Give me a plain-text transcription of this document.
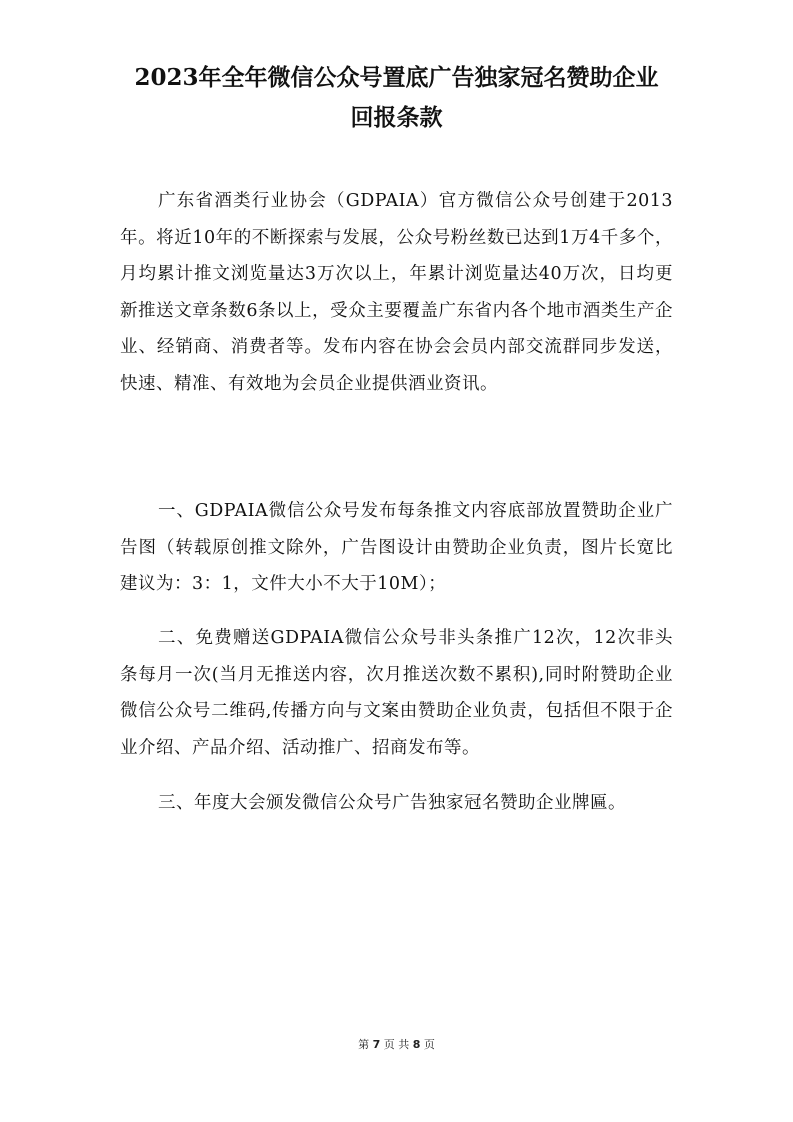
2023年全年微信公众号置底广告独家冠名赞助企业
回报条款

广东省酒类行业协会（GDPAIA）官方微信公众号创建于2013年。将近10年的不断探索与发展，公众号粉丝数已达到1万4千多个，月均累计推文浏览量达3万次以上，年累计浏览量达40万次，日均更新推送文章条数6条以上，受众主要覆盖广东省内各个地市酒类生产企业、经销商、消费者等。发布内容在协会会员内部交流群同步发送，快速、精准、有效地为会员企业提供酒业资讯。

一、GDPAIA微信公众号发布每条推文内容底部放置赞助企业广告图（转载原创推文除外，广告图设计由赞助企业负责，图片长宽比建议为：3：1，文件大小不大于10M）；

二、免费赠送GDPAIA微信公众号非头条推广12次，12次非头条每月一次(当月无推送内容，次月推送次数不累积),同时附赞助企业微信公众号二维码,传播方向与文案由赞助企业负责，包括但不限于企业介绍、产品介绍、活动推广、招商发布等。

三、年度大会颁发微信公众号广告独家冠名赞助企业牌匾。

第 7 页 共 8 页
